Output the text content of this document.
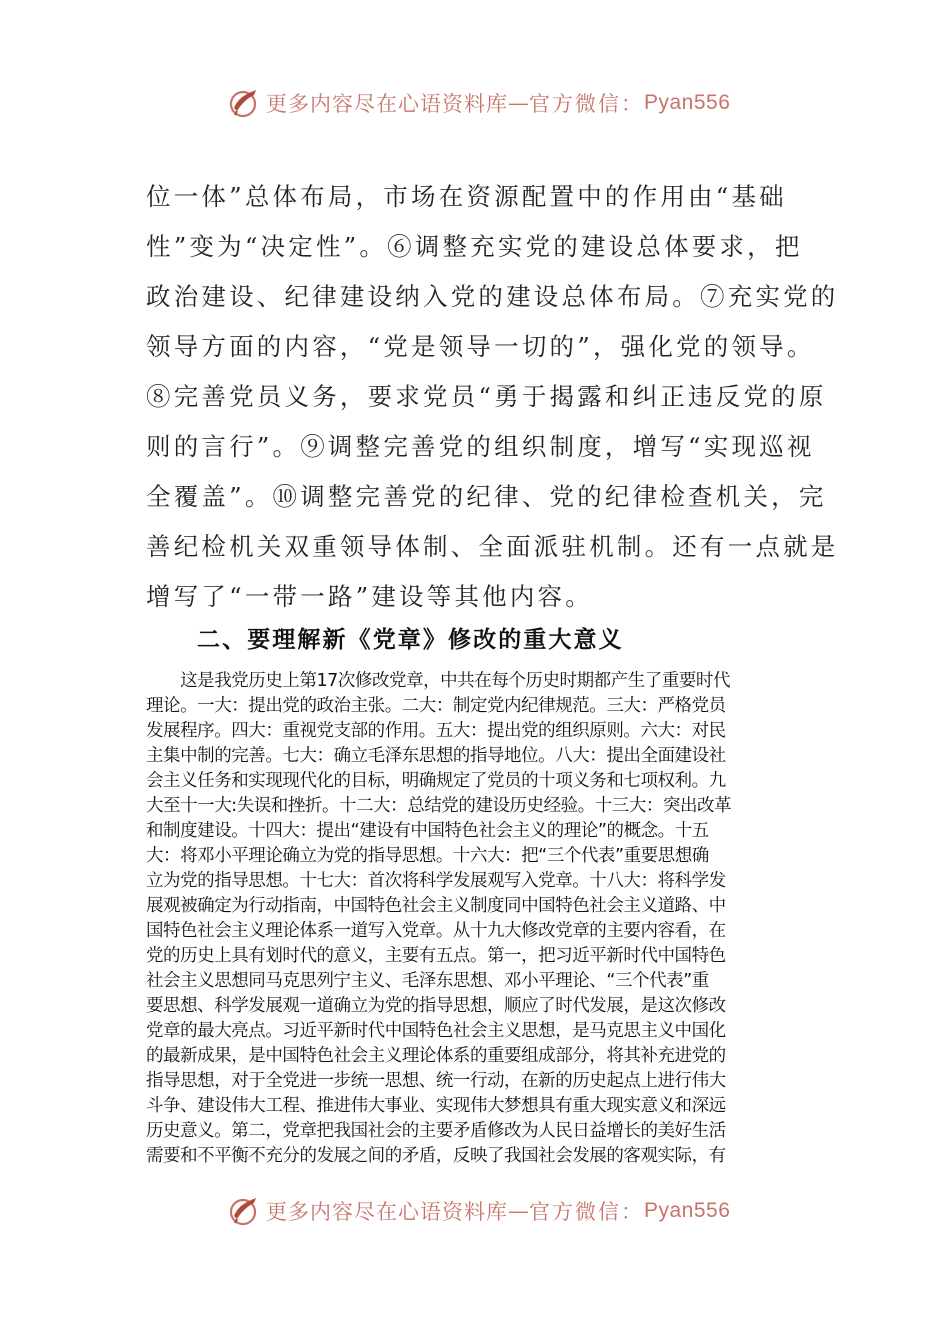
更多内容尽在心语资料库 — 官方微信： Pyan556
位一体”总体布局，市场在资源配置中的作用由“基础
性”变为“决定性”。⑥调整充实党的建设总体要求，把
政治建设、纪律建设纳入党的建设总体布局。⑦充实党的
领导方面的内容，“党是领导一切的”，强化党的领导。
⑧完善党员义务，要求党员“勇于揭露和纠正违反党的原
则的言行”。⑨调整完善党的组织制度，增写“实现巡视
全覆盖”。⑩调整完善党的纪律、党的纪律检查机关，完
善纪检机关双重领导体制、全面派驻机制。还有一点就是
增写了“一带一路”建设等其他内容。
二、要理解新《党章》修改的重大意义
　　这是我党历史上第17次修改党章，中共在每个历史时期都产生了重要时代
理论。一大：提出党的政治主张。二大：制定党内纪律规范。三大：严格党员
发展程序。四大：重视党支部的作用。五大：提出党的组织原则。六大：对民
主集中制的完善。七大：确立毛泽东思想的指导地位。八大：提出全面建设社
会主义任务和实现现代化的目标，明确规定了党员的十项义务和七项权利。九
大至十一大:失误和挫折。十二大：总结党的建设历史经验。十三大：突出改革
和制度建设。十四大：提出“建设有中国特色社会主义的理论”的概念。十五
大：将邓小平理论确立为党的指导思想。十六大：把“三个代表”重要思想确
立为党的指导思想。十七大：首次将科学发展观写入党章。十八大：将科学发
展观被确定为行动指南，中国特色社会主义制度同中国特色社会主义道路、中
国特色社会主义理论体系一道写入党章。从十九大修改党章的主要内容看，在
党的历史上具有划时代的意义，主要有五点。第一，把习近平新时代中国特色
社会主义思想同马克思列宁主义、毛泽东思想、邓小平理论、“三个代表”重
要思想、科学发展观一道确立为党的指导思想，顺应了时代发展，是这次修改
党章的最大亮点。习近平新时代中国特色社会主义思想，是马克思主义中国化
的最新成果，是中国特色社会主义理论体系的重要组成部分，将其补充进党的
指导思想，对于全党进一步统一思想、统一行动，在新的历史起点上进行伟大
斗争、建设伟大工程、推进伟大事业、实现伟大梦想具有重大现实意义和深远
历史意义。第二，党章把我国社会的主要矛盾修改为人民日益增长的美好生活
需要和不平衡不充分的发展之间的矛盾，反映了我国社会发展的客观实际，有
更多内容尽在心语资料库 — 官方微信： Pyan556
